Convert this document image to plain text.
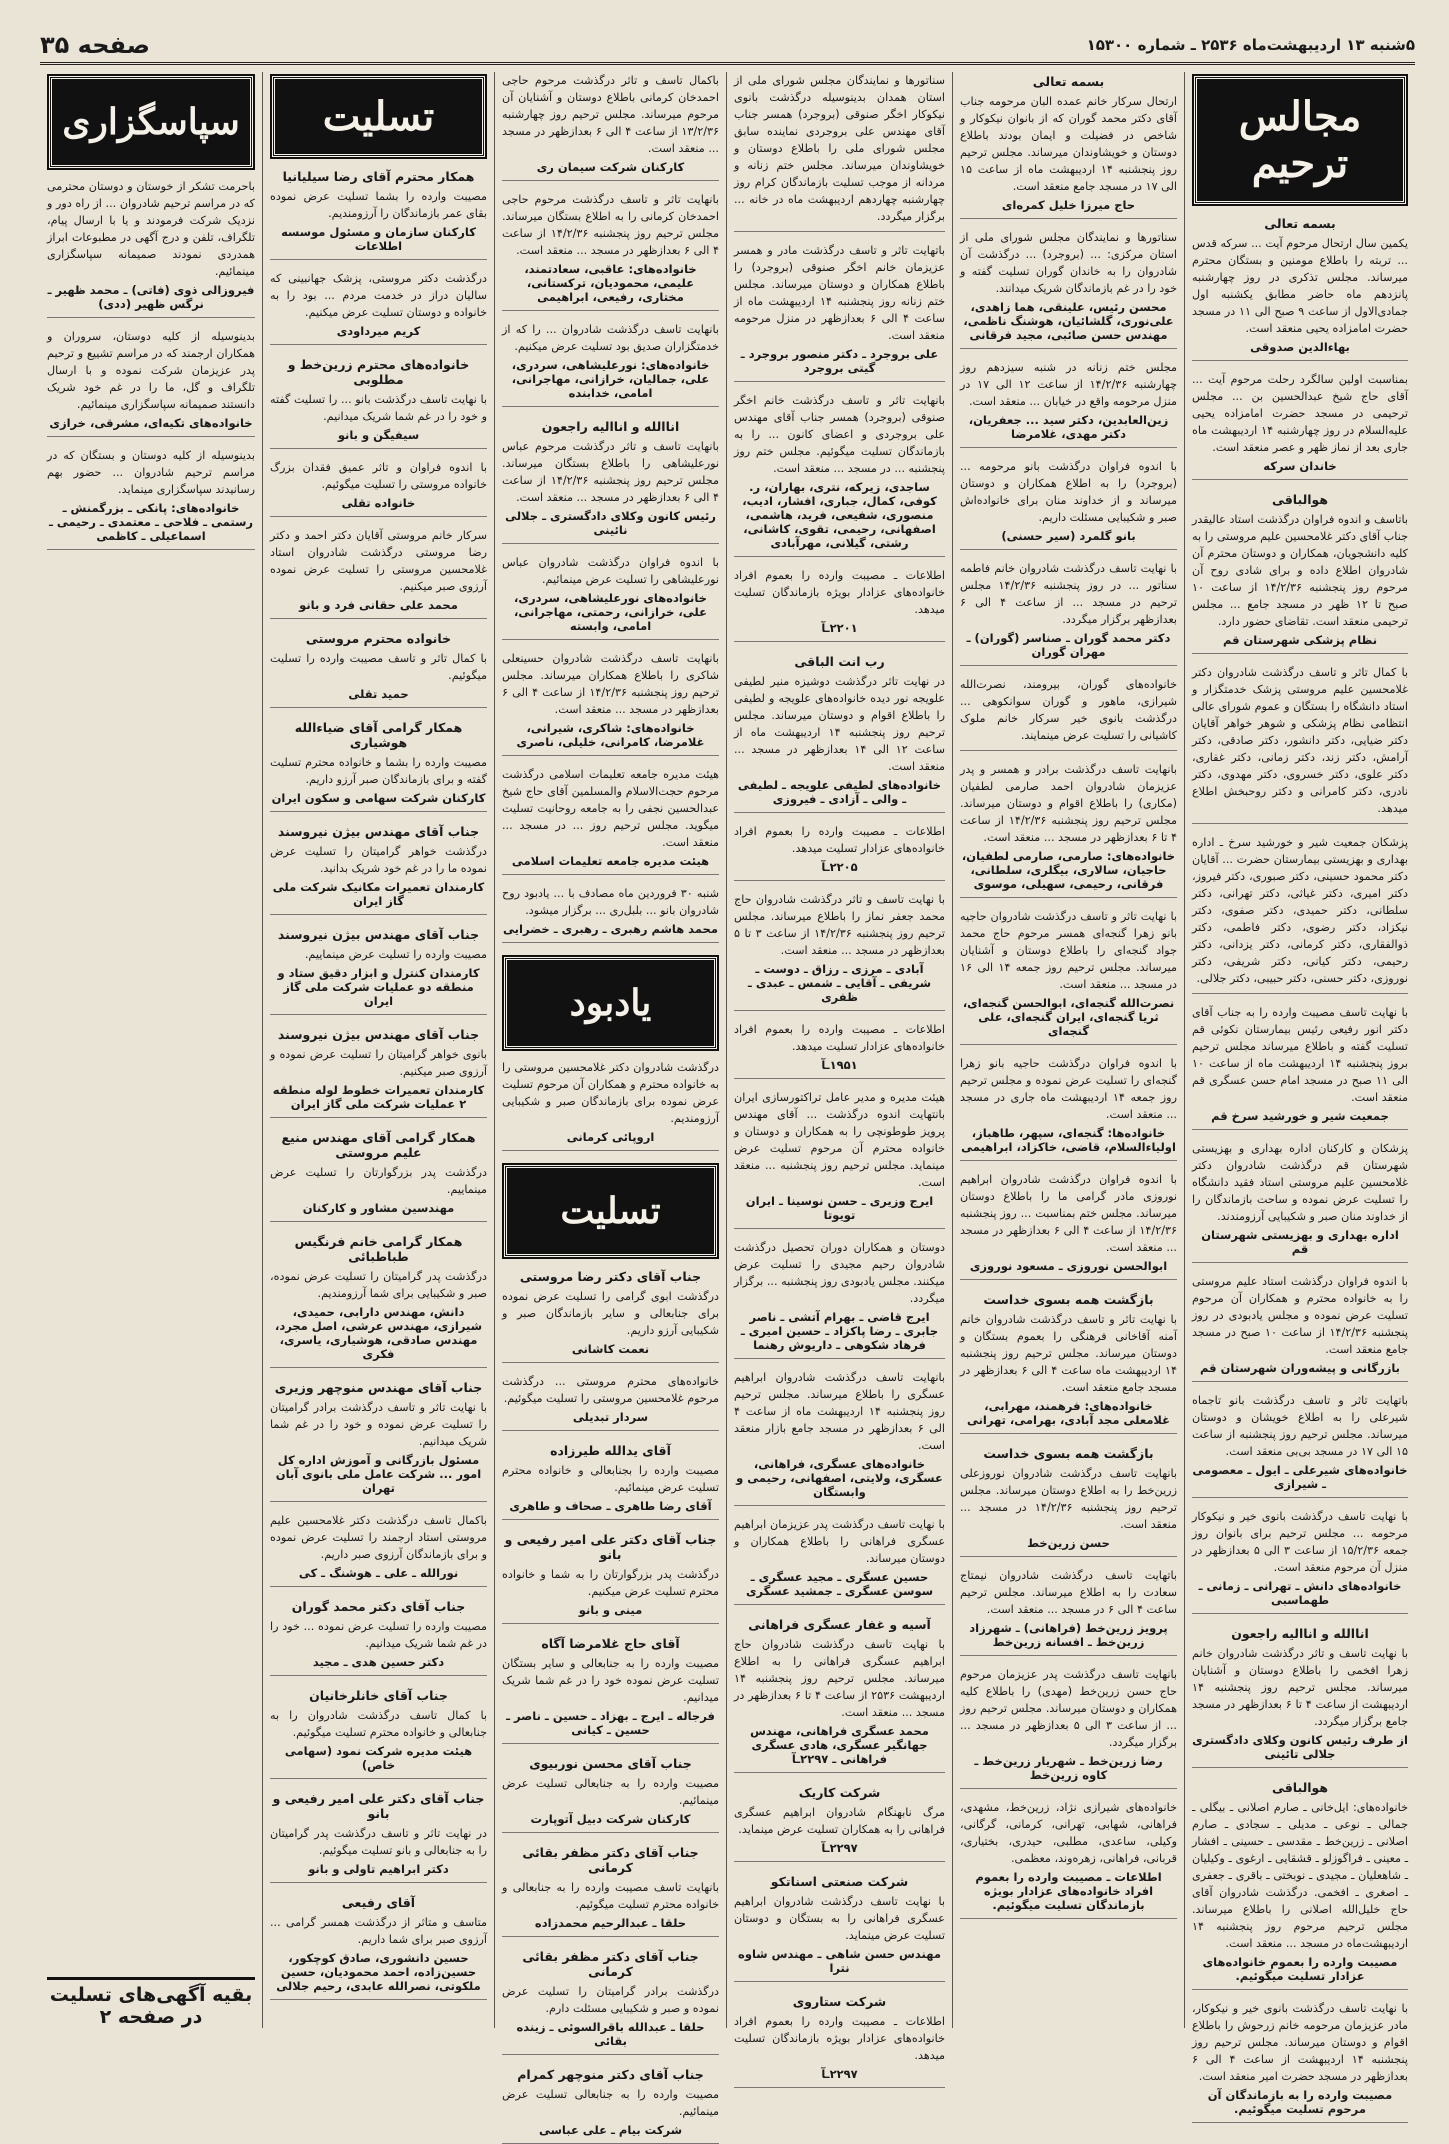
۵شنبه ۱۳ اردیبهشت‌ماه ۲۵۳۶ ـ شماره ۱۵۳۰۰
صفحه ۳۵
مجالس ترحیم
بسمه تعالی

یکمین سال ارتحال مرحوم آیت ... سرکه قدس ... تربته را باطلاع مومنین و بستگان محترم میرساند. مجلس تذکری در روز چهارشنبه پانزدهم ماه حاضر مطابق یکشنبه اول جمادی‌الاول از ساعت ۹ صبح الی ۱۱ در مسجد حضرت امامزاده یحیی منعقد است.

بهاءالدین صدوقی

بمناسبت اولین سالگرد رحلت مرحوم آیت ... آقای حاج شیخ عبدالحسین بن ... مجلس ترحیمی در مسجد حضرت امامزاده یحیی علیه‌السلام در روز چهارشنبه ۱۴ اردیبهشت ماه جاری بعد از نماز ظهر و عصر منعقد است.

خاندان سرکه
هوالباقی

باتاسف و اندوه فراوان درگذشت استاد عالیقدر جناب آقای دکتر غلامحسین علیم مروستی را به کلیه دانشجویان، همکاران و دوستان محترم آن شادروان اطلاع داده و برای شادی روح آن مرحوم روز پنجشنبه ۱۴/۲/۳۶ از ساعت ۱۰ صبح تا ۱۲ ظهر در مسجد جامع ... مجلس ترحیمی منعقد است. تقاضای حضور دارد.

نظام پزشکی شهرستان قم

با کمال تاثر و تاسف درگذشت شادروان دکتر غلامحسین علیم مروستی پزشک خدمتگزار و استاد دانشگاه را بستگان و عموم شورای عالی انتظامی نظام پزشکی و شوهر خواهر آقایان دکتر ضیایی، دکتر دانشور، دکتر صادقی، دکتر آرامش، دکتر زند، دکتر زمانی، دکتر غفاری، دکتر علوی، دکتر خسروی، دکتر مهدوی، دکتر نادری، دکتر کامرانی و دکتر روحبخش اطلاع میدهد.

پزشکان جمعیت شیر و خورشید سرخ ـ اداره بهداری و بهزیستی بیمارستان حضرت ... آقایان دکتر محمود حسینی، دکتر صبوری، دکتر فیروز، دکتر امیری، دکتر غیاثی، دکتر تهرانی، دکتر سلطانی، دکتر حمیدی، دکتر صفوی، دکتر نیکزاد، دکتر رضوی، دکتر فاطمی، دکتر ذوالفقاری، دکتر کرمانی، دکتر یزدانی، دکتر رحیمی، دکتر کیانی، دکتر شریفی، دکتر نوروزی، دکتر حسنی، دکتر حبیبی، دکتر جلالی.

با نهایت تاسف مصیبت وارده را به جناب آقای دکتر انور رفیعی رئیس بیمارستان نکوئی قم تسلیت گفته و باطلاع میرساند مجلس ترحیم بروز پنجشنبه ۱۴ اردیبهشت ماه از ساعت ۱۰ الی ۱۱ صبح در مسجد امام حسن عسگری قم منعقد است.

جمعیت شیر و خورشید سرخ قم

پزشکان و کارکنان اداره بهداری و بهزیستی شهرستان قم درگذشت شادروان دکتر غلامحسین علیم مروستی استاد فقید دانشگاه را تسلیت عرض نموده و ساحت بازماندگان را از خداوند منان صبر و شکیبایی آرزومندند.

اداره بهداری و بهزیستی شهرستان قم

با اندوه فراوان درگذشت استاد علیم مروستی را به خانواده محترم و همکاران آن مرحوم تسلیت عرض نموده و مجلس یادبودی در روز پنجشنبه ۱۴/۲/۳۶ از ساعت ۱۰ صبح در مسجد جامع منعقد است.

بازرگانی و پیشه‌وران شهرستان قم

باتهایت تاثر و تاسف درگذشت بانو تاجماه شیرعلی را به اطلاع خویشان و دوستان میرساند. مجلس ترحیم روز پنجشنبه از ساعت ۱۵ الی ۱۷ در مسجد بی‌بی منعقد است.

خانواده‌های شیرعلی ـ ایول ـ معصومی ـ شیرازی

با نهایت تاسف درگذشت بانوی خیر و نیکوکار مرحومه ... مجلس ترحیم برای بانوان روز جمعه ۱۵/۲/۳۶ از ساعت ۳ الی ۵ بعدازظهر در منزل آن مرحوم منعقد است.

خانواده‌های دانش ـ تهرانی ـ زمانی ـ طهماسبی
اناالله و اناالیه راجعون

با نهایت تاسف و تاثر درگذشت شادروان خانم زهرا افخمی را باطلاع دوستان و آشنایان میرساند. مجلس ترحیم روز پنجشنبه ۱۴ اردیبهشت از ساعت ۴ تا ۶ بعدازظهر در مسجد جامع برگزار میگردد.

از طرف رئیس کانون وکلای دادگستری جلالی تائینی
هوالباقی

خانواده‌های: ایل‌خانی ـ صارم اصلانی ـ بیگلی ـ جمالی ـ نوعی ـ مدیلی ـ سجادی ـ صارم اصلانی ـ زرین‌خط ـ مقدسی ـ حسینی ـ افشار ـ معینی ـ فراگوزلو ـ قشقایی ـ ارغوی ـ وکیلیان ـ شاهعلیان ـ مجیدی ـ نوبختی ـ باقری ـ جعفری ـ اصغری ـ افخمی. درگذشت شادروان آقای حاج خلیل‌الله اصلانی را باطلاع میرساند. مجلس ترحیم مرحوم روز پنجشنبه ۱۴ اردیبهشت‌ماه در مسجد ... منعقد است.

مصیبت وارده را بعموم خانواده‌های عزادار تسلیت میگوئیم.

با نهایت تاسف درگذشت بانوی خیر و نیکوکار، مادر عزیزمان مرحومه خانم زرحوش را باطلاع اقوام و دوستان میرساند. مجلس ترحیم روز پنجشنبه ۱۴ اردیبهشت از ساعت ۴ الی ۶ بعدازظهر در مسجد حضرت امیر منعقد است.

مصیبت وارده را به بازماندگان آن مرحوم تسلیت میگوئیم.
بسمه تعالی

ارتحال سرکار خانم عمده البان مرحومه جناب آقای دکتر محمد گوران که از بانوان نیکوکار و شاخص در فضیلت و ایمان بودند باطلاع دوستان و خویشاوندان میرساند. مجلس ترحیم روز پنجشنبه ۱۴ اردیبهشت ماه از ساعت ۱۵ الی ۱۷ در مسجد جامع منعقد است.

حاج میرزا خلیل کمره‌ای

سناتورها و نمایندگان مجلس شورای ملی از استان مرکزی: ... (بروجرد) ... درگذشت آن شادروان را به خاندان گوران تسلیت گفته و خود را در غم بازماندگان شریک میدانند.

محسن رئیس، علینقی، هما زاهدی، علی‌نوری، گلشائیان، هوشنگ ناظمی، مهندس حسن صائبی، مجید فرقانی

مجلس ختم زنانه در شنبه سیزدهم روز چهارشنبه ۱۴/۲/۳۶ از ساعت ۱۲ الی ۱۷ در منزل مرحومه واقع در خیابان ... منعقد است.

زین‌العابدین، دکتر سید ... جعفریان، دکتر مهدی، غلامرضا

با اندوه فراوان درگذشت بانو مرحومه ... (بروجرد) را به اطلاع همکاران و دوستان میرساند و از خداوند منان برای خانواده‌اش صبر و شکیبایی مسئلت داریم.

بانو گلمرد (سیر حسنی)

با نهایت تاسف درگذشت شادروان خانم فاطمه سناتور ... در روز پنجشنبه ۱۴/۲/۳۶ مجلس ترحیم در مسجد ... از ساعت ۴ الی ۶ بعدازظهر برگزار میگردد.

دکتر محمد گوران ـ صناسر (گوران) ـ مهران گوران

خانواده‌های گوران، بیرومند، نصرت‌الله شیرازی، ماهور و گوران سوانکوهی ... درگذشت بانوی خیر سرکار خانم ملوک کاشیانی را تسلیت عرض مینمایند.

بانهایت تاسف درگذشت برادر و همسر و پدر عزیزمان شادروان احمد صارمی لطفیان (مکاری) را باطلاع اقوام و دوستان میرساند. مجلس ترحیم روز پنجشنبه ۱۴/۲/۳۶ از ساعت ۴ تا ۶ بعدازظهر در مسجد ... منعقد است.

خانواده‌های: صارمی، صارمی لطفیان، حاجیان، سالاری، بیگلری، سلطانی، فرقانی، رحیمی، سهیلی، موسوی

با نهایت تاثر و تاسف درگذشت شادروان حاجیه بانو زهرا گنجه‌ای همسر مرحوم حاج محمد جواد گنجه‌ای را باطلاع دوستان و آشنایان میرساند. مجلس ترحیم روز جمعه ۱۴ الی ۱۶ در مسجد ... منعقد است.

نصرت‌الله گنجه‌ای، ابوالحسن گنجه‌ای، ثریا گنجه‌ای، ایران گنجه‌ای، علی گنجه‌ای

با اندوه فراوان درگذشت حاجیه بانو زهرا گنجه‌ای را تسلیت عرض نموده و مجلس ترحیم روز جمعه ۱۴ اردیبهشت ماه جاری در مسجد ... منعقد است.

خانواده‌ها: گنجه‌ای، سپهر، طاهباز، اولیاءالسلام، قاضی، خاکزاد، ابراهیمی

با اندوه فراوان درگذشت شادروان ابراهیم نوروزی مادر گرامی ما را باطلاع دوستان میرساند. مجلس ختم بمناسبت ... روز پنجشنبه ۱۴/۲/۳۶ از ساعت ۴ الی ۶ بعدازظهر در مسجد ... منعقد است.

ابوالحسن نوروزی ـ مسعود نوروزی
بازگشت همه بسوی خداست

با نهایت تاثر و تاسف درگذشت شادروان خانم آمنه آقاخانی فرهنگی را بعموم بستگان و دوستان میرساند. مجلس ترحیم روز پنجشنبه ۱۴ اردیبهشت ماه ساعت ۴ الی ۶ بعدازظهر در مسجد جامع منعقد است.

خانواده‌های: فرهمند، مهرابی، غلامعلی مجد آبادی، بهرامی، تهرانی
بازگشت همه بسوی خداست

بانهایت تاسف درگذشت شادروان نوروزعلی زرین‌خط را به اطلاع دوستان میرساند. مجلس ترحیم روز پنجشنبه ۱۴/۲/۳۶ در مسجد ... منعقد است.

حسن زرین‌خط

باتهایت تاسف درگذشت شادروان نیمتاج سعادت را به اطلاع میرساند. مجلس ترحیم ساعت ۴ الی ۶ در مسجد ... منعقد است.

پرویز زرین‌خط (فراهانی) ـ شهرزاد زرین‌خط ـ افسانه زرین‌خط

بانهایت تاسف درگذشت پدر عزیزمان مرحوم حاج حسن زرین‌خط (مهدی) را باطلاع کلیه همکاران و دوستان میرساند. مجلس ترحیم روز ... از ساعت ۳ الی ۵ بعدازظهر در مسجد ... برگزار میگردد.

رضا زرین‌خط ـ شهریار زرین‌خط ـ کاوه زرین‌خط

خانواده‌های شیرازی نژاد، زرین‌خط، مشهدی‌، فراهانی، شهابی، تهرانی، کرمانی، گرگانی، وکیلی، ساعدی، مطلبی، حیدری، بختیاری، قربانی، فراهانی، زهره‌وند، معظمی.

اطلاعات ـ مصیبت وارده را بعموم افراد خانواده‌های عزادار بویژه بازماندگان تسلیت میگوئیم.

سناتورها و نمایندگان مجلس شورای ملی از استان همدان بدینوسیله درگذشت بانوی نیکوکار اخگر صنوقی (بروجرد) همسر جناب آقای مهندس علی بروجردی نماینده سابق مجلس شورای ملی را باطلاع دوستان و خویشاوندان میرساند. مجلس ختم زنانه و مردانه از موجب تسلیت بازماندگان کرام روز چهارشنبه چهاردهم اردیبهشت ماه در خانه ... برگزار میگردد.

باتهایت تاثر و تاسف درگذشت مادر و همسر عزیزمان خانم اخگر صنوقی (بروجرد) را باطلاع همکاران و دوستان میرساند. مجلس ختم زنانه روز پنجشنبه ۱۴ اردیبهشت ماه از ساعت ۴ الی ۶ بعدازظهر در منزل مرحومه منعقد است.

علی بروجرد ـ دکتر منصور بروجرد ـ گیتی بروجرد

بانهایت تاثر و تاسف درگذشت خانم اخگر صنوقی (بروجرد) همسر جناب آقای مهندس علی بروجردی و اعضای کانون ... را به بازماندگان تسلیت میگوئیم. مجلس ختم روز پنجشنبه ... در مسجد ... منعقد است.

ساجدی، زیرکه، نتری، بهاران، ر. کوفی، کمال، جباری، افشار، ادیب، منصوری، شفیعی، فرید، هاشمی، اصفهانی، رحیمی، تقوی، کاشانی، رشتی، گیلانی، مهرآبادی

اطلاعات ـ مصیبت وارده را بعموم افراد خانواده‌های عزادار بویژه بازماندگان تسلیت میدهد.

۲۲۰۱ـآ
رب انت الباقی

در نهایت تاثر درگذشت دوشیزه منیر لطیفی علویجه نور دیده خانواده‌های علویجه و لطیفی را باطلاع اقوام و دوستان میرساند. مجلس ترحیم روز پنجشنبه ۱۴ اردیبهشت ماه از ساعت ۱۲ الی ۱۴ بعدازظهر در مسجد ... منعقد است.

خانواده‌های لطیفی علویجه ـ لطیفی ـ والی ـ آزادی ـ فیروزی

اطلاعات ـ مصیبت وارده را بعموم افراد خانواده‌های عزادار تسلیت میدهد.

۲۲۰۵ـآ

با نهایت تاسف و تاثر درگذشت شادروان حاج محمد جعفر نماز را باطلاع میرساند. مجلس ترحیم روز پنجشنبه ۱۴/۲/۳۶ از ساعت ۳ تا ۵ بعدازظهر در مسجد ... منعقد است.

آبادی ـ مرزی ـ رزاق ـ دوست ـ شریفی ـ آقایی ـ شمس ـ عبدی ـ ظفری

اطلاعات ـ مصیبت وارده را بعموم افراد خانواده‌های عزادار تسلیت میدهد.

۱۹۵۱ـآ

هیئت مدیره و مدیر عامل تراکتورسازی ایران بانتهایت اندوه درگذشت ... آقای مهندس پرویز طوطونچی را به همکاران و دوستان و خانواده محترم آن مرحوم تسلیت عرض مینماید. مجلس ترحیم روز پنجشنبه ... منعقد است.

ایرج وزیری ـ حسن نوسینا ـ ایران تویوتا

دوستان و همکاران دوران تحصیل درگذشت شادروان رحیم مجیدی را تسلیت عرض میکنند. مجلس یادبودی روز پنجشنبه ... برگزار میگردد.

ایرج قاضی ـ بهرام آتشی ـ ناصر جابری ـ رضا پاکزاد ـ حسین امیری ـ فرهاد شکوهی ـ داریوش رهنما

بانهایت تاسف درگذشت شادروان ابراهیم عسگری را باطلاع میرساند. مجلس ترحیم روز پنجشنبه ۱۴ اردیبهشت ماه از ساعت ۴ الی ۶ بعدازظهر در مسجد جامع بازار منعقد است.

خانواده‌های عسگری، فراهانی، عسگری، ولایتی، اصفهانی، رحیمی و وابستگان

با نهایت تاسف درگذشت پدر عزیزمان ابراهیم عسگری فراهانی را باطلاع همکاران و دوستان میرساند.

حسین عسگری ـ مجید عسگری ـ سوسن عسگری ـ جمشید عسگری
آسیه و غفار عسگری فراهانی

با نهایت تاسف درگذشت شادروان حاج ابراهیم عسگری فراهانی را به اطلاع میرساند. مجلس ترحیم روز پنجشنبه ۱۴ اردیبهشت ۲۵۳۶ از ساعت ۴ تا ۶ بعدازظهر در مسجد ... منعقد است.

محمد عسگری فراهانی، مهندس جهانگیر عسگری، هادی عسگری فراهانی ـ ۲۲۹۷ـآ
شرکت کاریک

مرگ نابهنگام شادروان ابراهیم عسگری فراهانی را به همکاران تسلیت عرض مینماید.

۲۲۹۷ـآ
شرکت صنعتی اسناتکو

با نهایت تاسف درگذشت شادروان ابراهیم عسگری فراهانی را به بستگان و دوستان تسلیت عرض مینماید.

مهندس حسن شاهی ـ مهندس شاوه نترا
شرکت ستاروی

اطلاعات ـ مصیبت وارده را بعموم افراد خانواده‌های عزادار بویژه بازماندگان تسلیت میدهد.

۲۲۹۷ـآ

باکمال تاسف و تاثر درگذشت مرحوم حاجی احمدخان کرمانی باطلاع دوستان و آشنایان آن مرحوم میرساند. مجلس ترحیم روز چهارشنبه ۱۳/۲/۳۶ از ساعت ۴ الی ۶ بعدازظهر در مسجد ... منعقد است.

کارکنان شرکت سیمان ری

بانهایت تاثر و تاسف درگذشت مرحوم حاجی احمدخان کرمانی را به اطلاع بستگان میرساند. مجلس ترحیم روز پنجشنبه ۱۴/۲/۳۶ از ساعت ۴ الی ۶ بعدازظهر در مسجد ... منعقد است.

خانواده‌های: عاقبی، سعادتمند، علیمی، محمودیان، ترکستانی، مختاری، رفیعی، ابراهیمی

بانهایت تاسف درگذشت شادروان ... را که از خدمتگزاران صدیق بود تسلیت عرض میکنیم.

خانواده‌های: نورعلیشاهی، سردری، علی، جمالیان، خرازانی، مهاجرانی، امامی، خدابنده
اناالله و اناالیه راجعون

بانهایت تاسف و تاثر درگذشت مرحوم عباس نورعلیشاهی را باطلاع بستگان میرساند. مجلس ترحیم روز پنجشنبه ۱۴/۲/۳۶ از ساعت ۴ الی ۶ بعدازظهر در مسجد ... منعقد است.

رئیس کانون وکلای دادگستری ـ جلالی نائینی

با اندوه فراوان درگذشت شادروان عباس نورعلیشاهی را تسلیت عرض مینمائیم.

خانواده‌های نورعلیشاهی، سردری، علی، خرازانی، رحمتی، مهاجرانی، امامی، وابسته

بانهایت تاسف درگذشت شادروان حسینعلی شاکری را باطلاع همکاران میرساند. مجلس ترحیم روز پنجشنبه ۱۴/۲/۳۶ از ساعت ۴ الی ۶ بعدازظهر در مسجد ... منعقد است.

خانواده‌های: شاکری، شیرانی، غلامرضا، کامرانی، خلیلی، ناصری

هیئت مدیره جامعه تعلیمات اسلامی درگذشت مرحوم حجت‌الاسلام والمسلمین آقای حاج شیخ عبدالحسین نجفی را به جامعه روحانیت تسلیت میگوید. مجلس ترحیم روز ... در مسجد ... منعقد است.

هیئت مدیره جامعه تعلیمات اسلامی

شنبه ۳۰ فروردین ماه مصادف با ... یادبود روح شادروان بانو ... بلبل‌ری ... برگزار میشود.

محمد هاشم رهبری ـ رهبری ـ خضرایی
یادبود

درگذشت شادروان دکتر غلامحسین مروستی را به خانواده محترم و همکاران آن مرحوم تسلیت عرض نموده برای بازماندگان صبر و شکیبایی آرزومندیم.

اروپائی کرمانی
تسلیت
جناب آقای دکتر رضا مروستی

درگذشت ابوی گرامی را تسلیت عرض نموده برای جنابعالی و سایر بازماندگان صبر و شکیبایی آرزو داریم.

نعمت کاشانی

خانواده‌های محترم مروستی ... درگذشت مرحوم غلامحسین مروستی را تسلیت میگوئیم.

سردار تبدیلی
آقای یدالله طیرزاده

مصیبت وارده را بجنابعالی و خانواده محترم تسلیت عرض مینمائیم.

آقای رضا طاهری ـ صحاف و طاهری
جناب آقای دکتر علی امیر رفیعی و بانو

درگذشت پدر بزرگوارتان را به شما و خانواده محترم تسلیت عرض میکنیم.

مینی و بانو
آقای حاج غلامرضا آگاه

مصیبت وارده را به جنابعالی و سایر بستگان تسلیت عرض نموده خود را در غم شما شریک میدانیم.

فرجاله ـ ایرج ـ بهزاد ـ حسین ـ ناصر ـ حسین ـ کیانی
جناب آقای محسن نوربیوی

مصیبت وارده را به جنابعالی تسلیت عرض مینمائیم.

کارکنان شرکت دبیل آتوپارت
جناب آقای دکتر مظفر بقائی کرمانی

بانهایت تاسف مصیبت وارده را به جنابعالی و خانواده محترم تسلیت میگوئیم.

حلقا ـ عبدالرحیم محمدزاده
جناب آقای دکتر مظفر بقائی کرمانی

درگذشت برادر گرامیتان را تسلیت عرض نموده و صبر و شکیبایی مسئلت دارم.

حلقا ـ عبدالله باقرالسوئی ـ زینده بقائی
جناب آقای دکتر منوچهر کمرام

مصیبت وارده را به جنابعالی تسلیت عرض مینمائیم.

شرکت بیام ـ علی عباسی
تسلیت
همکار محترم آقای رضا سیلیانیا

مصیبت وارده را بشما تسلیت عرض نموده بقای عمر بازماندگان را آرزومندیم.

کارکنان سازمان و مسئول موسسه اطلاعات

درگذشت دکتر مروستی، پزشک جهانبینی که سالیان دراز در خدمت مردم ... بود را به خانواده و دوستان تسلیت عرض میکنیم.

کریم میرداودی
خانواده‌های محترم زرین‌خط و مطلوبی

با نهایت تاسف درگذشت بانو ... را تسلیت گفته و خود را در غم شما شریک میدانیم.

سیفیگن و بانو

با اندوه فراوان و تاثر عمیق فقدان بزرگ خانواده مروستی را تسلیت میگوئیم.

خانواده تقلی

سرکار خانم مروستی آقایان دکتر احمد و دکتر رضا مروستی درگذشت شادروان استاد غلامحسین مروستی را تسلیت عرض نموده آرزوی صبر میکنیم.

محمد علی حقانی فرد و بانو
خانواده محترم مروستی

با کمال تاثر و تاسف مصیبت وارده را تسلیت میگوئیم.

حمید تقلی
همکار گرامی آقای ضیاءالله هوشیاری

مصیبت وارده را بشما و خانواده محترم تسلیت گفته و برای بازماندگان صبر آرزو داریم.

کارکنان شرکت سهامی و سکون ایران
جناب آقای مهندس بیژن نیروسند

درگذشت خواهر گرامیتان را تسلیت عرض نموده ما را در غم خود شریک بدانید.

کارمندان تعمیرات مکانیک شرکت ملی گاز ایران
جناب آقای مهندس بیژن نیروسند

مصیبت وارده را تسلیت عرض مینماییم.

کارمندان کنترل و ابزار دقیق ستاد و منطقه دو عملیات شرکت ملی گاز ایران
جناب آقای مهندس بیژن نیروسند

بانوی خواهر گرامیتان را تسلیت عرض نموده و آرزوی صبر میکنیم.

کارمندان تعمیرات خطوط لوله منطقه ۲ عملیات شرکت ملی گاز ایران
همکار گرامی آقای مهندس منیع علیم مروستی

درگذشت پدر بزرگوارتان را تسلیت عرض مینماییم.

مهندسین مشاور و کارکنان
همکار گرامی خانم فرنگیس طباطبائی

درگذشت پدر گرامیتان را تسلیت عرض نموده، صبر و شکیبایی برای شما آرزومندیم.

دانش، مهندس دارابی، حمیدی، شیرازی، مهندس عرشی، اصل مجرد، مهندس صادقی، هوشیاری، یاسری، فکری
جناب آقای مهندس منوچهر وزیری

با نهایت تاثر و تاسف درگذشت برادر گرامیتان را تسلیت عرض نموده و خود را در غم شما شریک میدانیم.

مسئول بازرگانی و آموزش اداره کل امور ... شرکت عامل ملی بانوی آبان تهران

باکمال تاسف درگذشت دکتر غلامحسین علیم مروستی استاد ارجمند را تسلیت عرض نموده و برای بازماندگان آرزوی صبر داریم.

نورالله ـ علی ـ هوشنگ ـ کی
جناب آقای دکتر محمد گوران

مصیبت وارده را تسلیت عرض نموده ... خود را در غم شما شریک میدانیم.

دکتر حسین هدی ـ مجید
جناب آقای خانلرخانیان

با کمال تاسف درگذشت شادروان را به جنابعالی و خانواده محترم تسلیت میگوئیم.

هیئت مدیره شرکت نمود (سهامی خاص)
جناب آقای دکتر علی امیر رفیعی و بانو

در نهایت تاثر و تاسف درگذشت پدر گرامیتان را به جنابعالی و بانو تسلیت میگوئیم.

دکتر ابراهیم تاولی و بانو
آقای رفیعی

متاسف و متاثر از درگذشت همسر گرامی ... آرزوی صبر برای شما داریم.

حسین دانشوری، صادق کوچکور، حسین‌زاده، احمد محمودیان، حسین ملکوتی، نصرالله عابدی، رحیم جلالی
سپاسگزاری

باحرمت تشکر از خوستان و دوستان محترمی که در مراسم ترحیم شادروان ... از راه دور و نزدیک شرکت فرمودند و یا با ارسال پیام، تلگراف، تلفن و درج آگهی در مطبوعات ابراز همدردی نمودند صمیمانه سپاسگزاری مینمائیم.

فیروزالی ذوی (فاتی) ـ محمد ظهیر ـ نرگس ظهیر (ددی)

بدینوسیله از کلیه دوستان، سروران و همکاران ارجمند که در مراسم تشییع و ترحیم پدر عزیزمان شرکت نموده و با ارسال تلگراف و گل، ما را در غم خود شریک دانستند صمیمانه سپاسگزاری مینمائیم.

خانواده‌های تکیه‌ای، مشرقی، خرازی

بدینوسیله از کلیه دوستان و بستگان که در مراسم ترحیم شادروان ... حضور بهم رسانیدند سپاسگزاری مینماید.

خانواده‌های: پانکی ـ بزرگمنش ـ رستمی ـ فلاحی ـ معتمدی ـ رحیمی ـ اسماعیلی ـ کاظمی
بقیه آگهی‌های تسلیت در صفحه ۲
